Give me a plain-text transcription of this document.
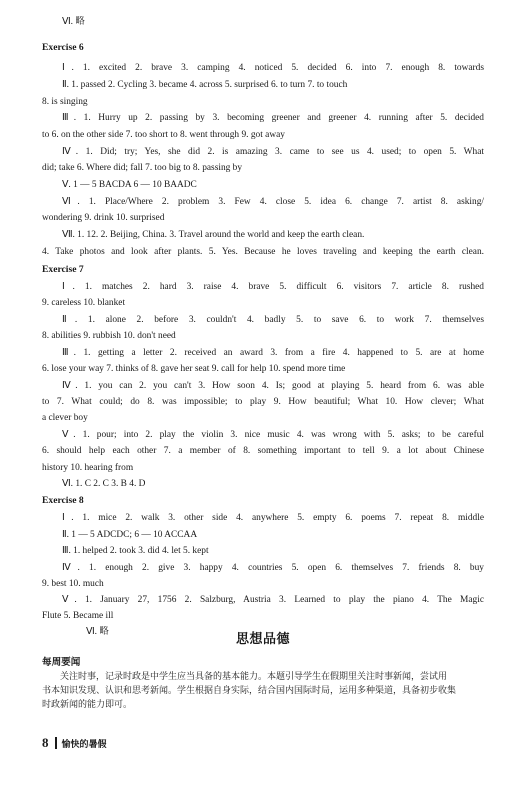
Ⅵ. 略
Exercise 6
Ⅰ. 1. excited 2. brave 3. camping 4. noticed 5. decided 6. into 7. enough 8. towards
Ⅱ. 1. passed 2. Cycling 3. became 4. across 5. surprised 6. to turn 7. to touch
8. is singing
Ⅲ. 1. Hurry up 2. passing by 3. becoming greener and greener 4. running after 5. decided
to 6. on the other side 7. too short to 8. went through 9. got away
Ⅳ. 1. Did; try; Yes, she did 2. is amazing 3. came to see us 4. used; to open 5. What
did; take 6. Where did; fall 7. too big to 8. passing by
Ⅴ. 1 — 5 BACDA 6 — 10 BAADC
Ⅵ. 1. Place/Where 2. problem 3. Few 4. close 5. idea 6. change 7. artist 8. asking/
wondering 9. drink 10. surprised
Ⅶ. 1. 12. 2. Beijing, China. 3. Travel around the world and keep the earth clean.
4. Take photos and look after plants. 5. Yes. Because he loves traveling and keeping the earth clean.
Exercise 7
Ⅰ. 1. matches 2. hard 3. raise 4. brave 5. difficult 6. visitors 7. article 8. rushed
9. careless 10. blanket
Ⅱ. 1. alone 2. before 3. couldn't 4. badly 5. to save 6. to work 7. themselves
8. abilities 9. rubbish 10. don't need
Ⅲ. 1. getting a letter 2. received an award 3. from a fire 4. happened to 5. are at home
6. lose your way 7. thinks of 8. gave her seat 9. call for help 10. spend more time
Ⅳ. 1. you can 2. you can't 3. How soon 4. Is; good at playing 5. heard from 6. was able
to 7. What could; do 8. was impossible; to play 9. How beautiful; What 10. How clever; What
a clever boy
Ⅴ. 1. pour; into 2. play the violin 3. nice music 4. was wrong with 5. asks; to be careful
6. should help each other 7. a member of 8. something important to tell 9. a lot about Chinese
history 10. hearing from
Ⅵ. 1. C 2. C 3. B 4. D
Exercise 8
Ⅰ. 1. mice 2. walk 3. other side 4. anywhere 5. empty 6. poems 7. repeat 8. middle
Ⅱ. 1 — 5 ADCDC; 6 — 10 ACCAA
Ⅲ. 1. helped 2. took 3. did 4. let 5. kept
Ⅳ. 1. enough 2. give 3. happy 4. countries 5. open 6. themselves 7. friends 8. buy
9. best 10. much
Ⅴ. 1. January 27, 1756 2. Salzburg, Austria 3. Learned to play the piano 4. The Magic
Flute 5. Became ill
Ⅵ. 略	思想品德
每周要闻
关注时事，记录时政是中学生应当具备的基本能力。本题引导学生在假期里关注时事新闻，尝试用
书本知识发现、认识和思考新闻。学生根据自身实际，结合国内国际时局，运用多种渠道，具备初步收集
时政新闻的能力即可。
8 愉快的暑假
